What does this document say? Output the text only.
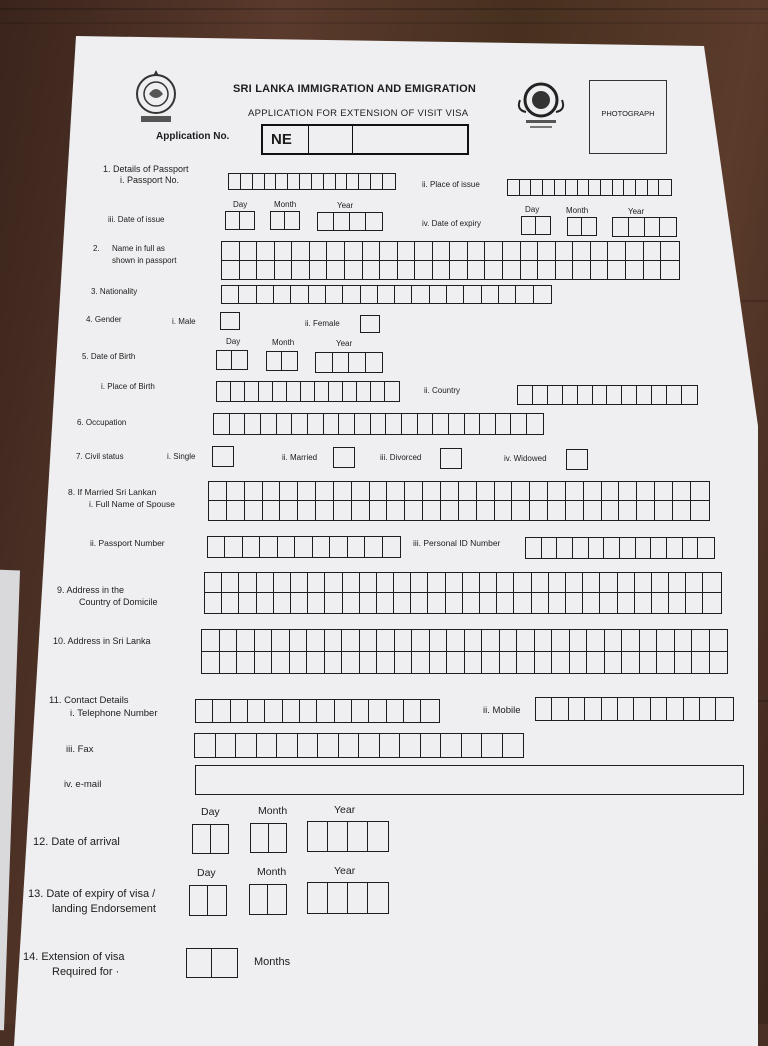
SRI LANKA IMMIGRATION AND EMIGRATION
APPLICATION FOR EXTENSION OF VISIT VISA	PHOTOGRAPH
Application No.	NE
1. Details of Passport
i. Passport No.	ii. Place of issue
Day	Month	Year
iii. Date of issue
Day	Month	Year
iv. Date of expiry
2. Name in full as
shown in passport
3. Nationality
4. Gender	i. Male	ii. Female
Day	Month	Year
5. Date of Birth
i. Place of Birth	ii. Country
6. Occupation
7. Civil status	i. Single	ii. Married	iii. Divorced	iv. Widowed
8. If Married Sri Lankan
i. Full Name of Spouse
ii. Passport Number	iii. Personal ID Number
9. Address in the
Country of Domicile
10. Address in Sri Lanka
11. Contact Details
i. Telephone Number	ii. Mobile
iii. Fax
iv. e-mail
Day	Month	Year
12. Date of arrival
Day	Month	Year
13. Date of expiry of visa /
landing Endorsement
14. Extension of visa
Required for ·
Months
